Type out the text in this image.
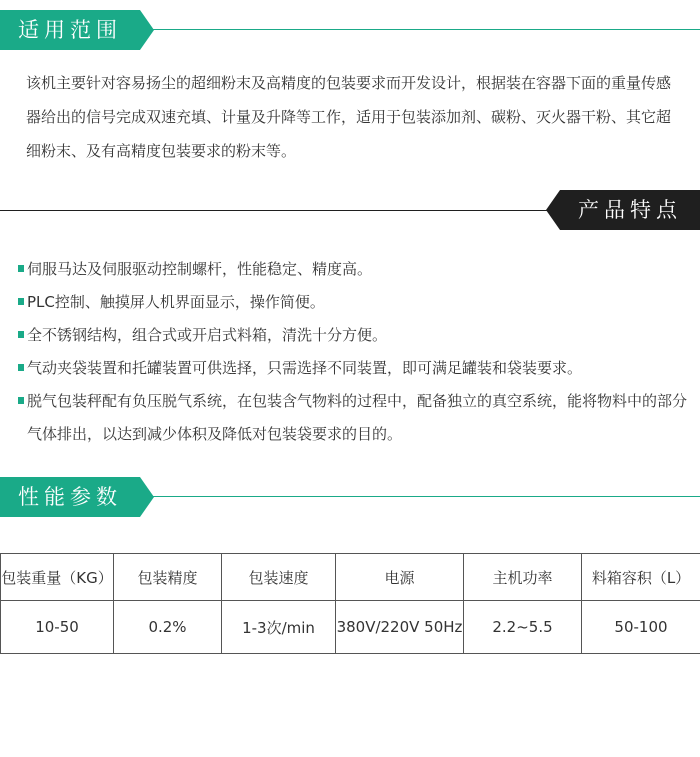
适用范围

该机主要针对容易扬尘的超细粉末及高精度的包装要求而开发设计，根据装在容器下面的重量传感器给出的信号完成双速充填、计量及升降等工作，适用于包装添加剂、碳粉、灭火器干粉、其它超细粉末、及有高精度包装要求的粉末等。

产品特点
伺服马达及伺服驱动控制螺杆，性能稳定、精度高。
PLC控制、触摸屏人机界面显示，操作简便。
全不锈钢结构，组合式或开启式料箱，清洗十分方便。
气动夹袋装置和托罐装置可供选择，只需选择不同装置，即可满足罐装和袋装要求。
脱气包装秤配有负压脱气系统，在包装含气物料的过程中，配备独立的真空系统，能将物料中的部分气体排出，以达到减少体积及降低对包装袋要求的目的。
性能参数
包装重量（KG）	包装精度	包装速度	电源	主机功率	料箱容积（L）
10-50	0.2%	1-3次/min	380V/220V 50Hz	2.2~5.5	50-100
